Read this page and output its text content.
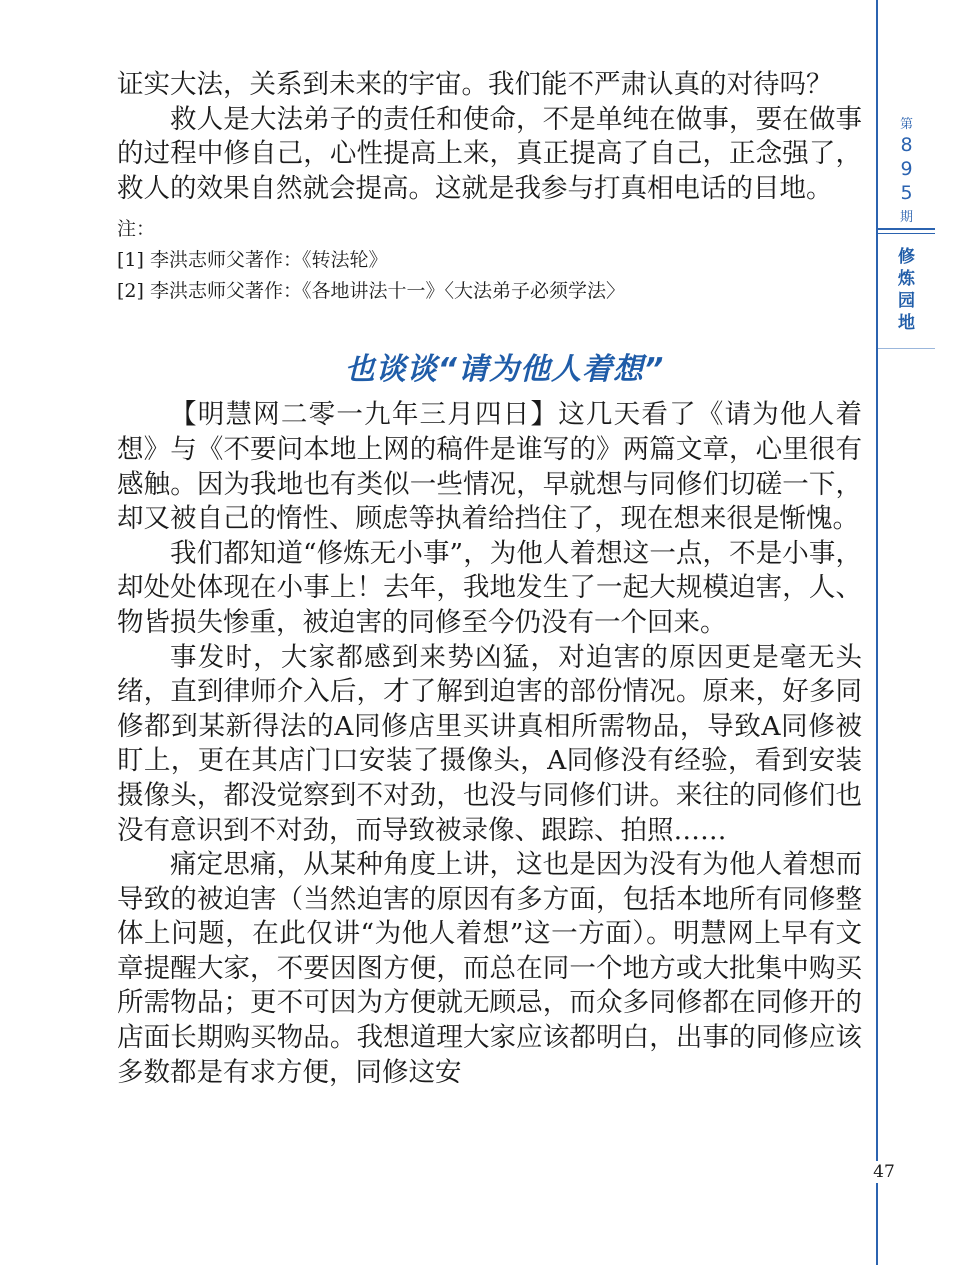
第
8
9
5
期
修
炼
园
地
47

证实大法，关系到未来的宇宙。我们能不严肃认真的对待吗？

救人是大法弟子的责任和使命，不是单纯在做事，要在做事的过程中修自己，心性提高上来，真正提高了自己，正念强了，救人的效果自然就会提高。这就是我参与打真相电话的目地。

注：

[1] 李洪志师父著作：《转法轮》

[2] 李洪志师父著作：《各地讲法十一》〈大法弟子必须学法〉

也谈谈“请为他人着想”

【明慧网二零一九年三月四日】这几天看了《请为他人着想》与《不要问本地上网的稿件是谁写的》两篇文章，心里很有感触。因为我地也有类似一些情况，早就想与同修们切磋一下，却又被自己的惰性、顾虑等执着给挡住了，现在想来很是惭愧。

我们都知道“修炼无小事”，为他人着想这一点，不是小事，却处处体现在小事上！去年，我地发生了一起大规模迫害，人、物皆损失惨重，被迫害的同修至今仍没有一个回来。

事发时，大家都感到来势凶猛，对迫害的原因更是毫无头绪，直到律师介入后，才了解到迫害的部份情况。原来，好多同修都到某新得法的A同修店里买讲真相所需物品，导致A同修被盯上，更在其店门口安装了摄像头，A同修没有经验，看到安装摄像头，都没觉察到不对劲，也没与同修们讲。来往的同修们也没有意识到不对劲，而导致被录像、跟踪、拍照……

痛定思痛，从某种角度上讲，这也是因为没有为他人着想而导致的被迫害（当然迫害的原因有多方面，包括本地所有同修整体上问题，在此仅讲“为他人着想”这一方面）。明慧网上早有文章提醒大家，不要因图方便，而总在同一个地方或大批集中购买所需物品；更不可因为方便就无顾忌，而众多同修都在同修开的店面长期购买物品。我想道理大家应该都明白，出事的同修应该多数都是有求方便，同修这安
